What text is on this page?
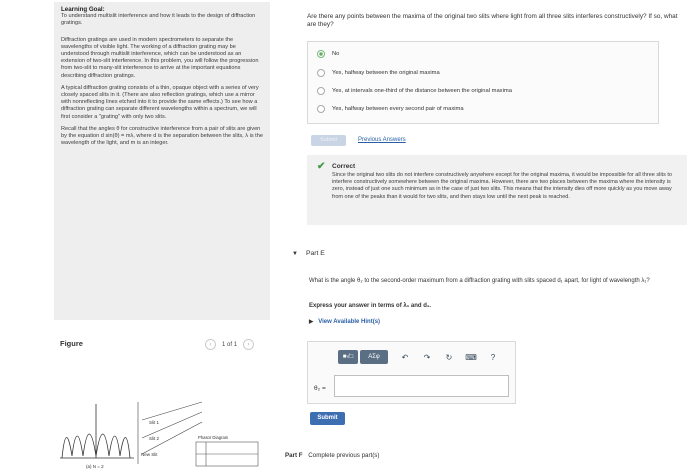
Learning Goal:

To understand multislit interference and how it leads to the design of diffraction gratings.

Diffraction gratings are used in modern spectrometers to separate the wavelengths of visible light. The working of a diffraction grating may be understood through multislit interference, which can be understood as an extension of two-slit interference. In this problem, you will follow the progression from two-slit to many-slit interference to arrive at the important equations describing diffraction gratings.

A typical diffraction grating consists of a thin, opaque object with a series of very closely spaced slits in it. (There are also reflection gratings, which use a mirror with nonreflecting lines etched into it to provide the same effects.) To see how a diffraction grating can separate different wavelengths within a spectrum, we will first consider a "grating" with only two slits.

Recall that the angles θ for constructive interference from a pair of slits are given by the equation d sin(θ) = mλ, where d is the separation between the slits, λ is the wavelength of the light, and m is an integer.

Figure	‹	1 of 1	›
Slit 1
Slit 2
New Slit
Phasor Diagram
(a) N = 2
Are there any points between the maxima of the original two slits where light from all three slits interferes constructively? If so, what are they?
No
Yes, halfway between the original maxima
Yes, at intervals one-third of the distance between the original maxima
Yes, halfway between every second pair of maxima
Submit	Previous Answers
✔ Correct
Since the original two slits do not interfere constructively anywhere except for the original maxima, it would be impossible for all three slits to interfere constructively somewhere between the original maxima. However, there are two places between the maxima where the intensity is zero, instead of just one such minimum as in the case of just two slits. This means that the intensity dies off more quickly as you move away from one of the peaks than it would for two slits, and then stays low until the next peak is reached.
▼ Part E
What is the angle θ₂ to the second-order maximum from a diffraction grating with slits spaced d₁ apart, for light of wavelength λ₁?
Express your answer in terms of λ₁ and d₁.
▶ View Available Hint(s)
■√□	ΑΣφ	↶	↷	↻	⌨	?
θ₂ =
Submit
Part F Complete previous part(s)
